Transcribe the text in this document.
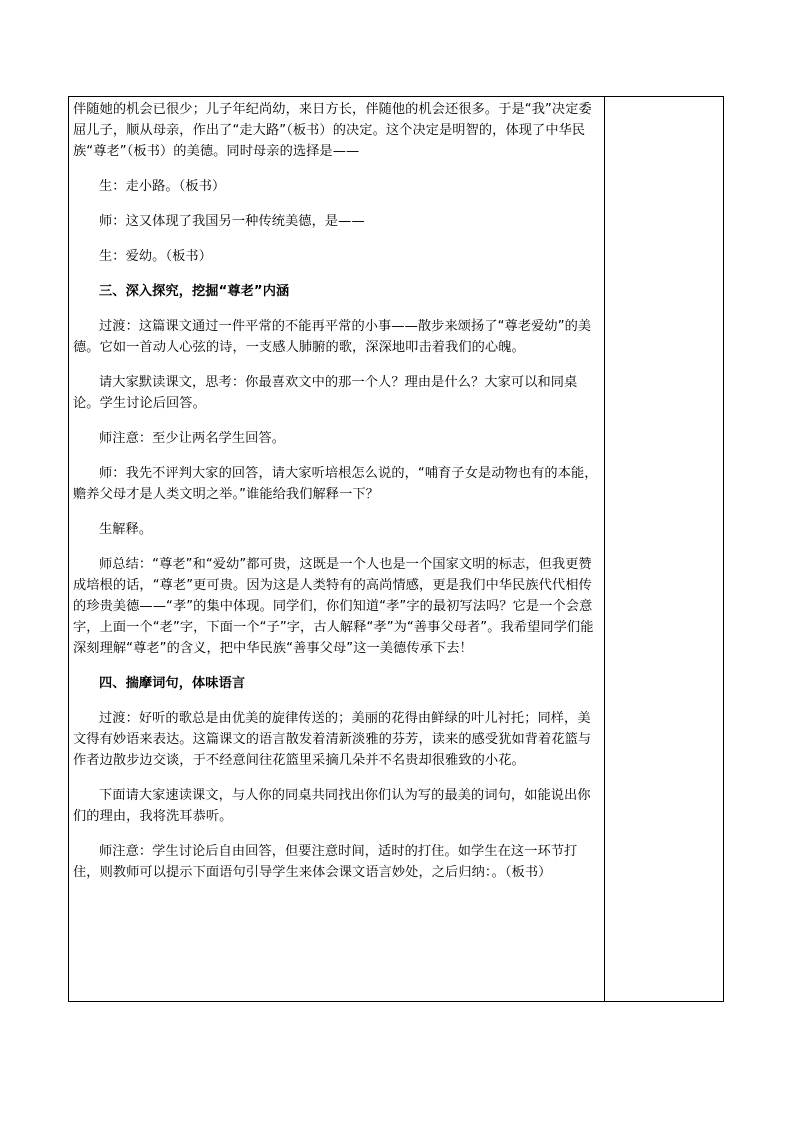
伴随她的机会已很少；儿子年纪尚幼，来日方长，伴随他的机会还很多。于是“我”决定委屈儿子，顺从母亲，作出了“走大路”（板书）的决定。这个决定是明智的，体现了中华民族“尊老”（板书）的美德。同时母亲的选择是——

生：走小路。（板书）

师：这又体现了我国另一种传统美德，是——

生：爱幼。（板书）

三、深入探究，挖掘“尊老”内涵

过渡：这篇课文通过一件平常的不能再平常的小事——散步来颂扬了“尊老爱幼”的美德。它如一首动人心弦的诗，一支感人肺腑的歌，深深地叩击着我们的心魄。

请大家默读课文，思考：你最喜欢文中的那一个人？理由是什么？大家可以和同桌论。学生讨论后回答。

师注意：至少让两名学生回答。

师：我先不评判大家的回答，请大家听培根怎么说的，“哺育子女是动物也有的本能，赡养父母才是人类文明之举。”谁能给我们解释一下？

生解释。

师总结：“尊老”和“爱幼”都可贵，这既是一个人也是一个国家文明的标志，但我更赞成培根的话，“尊老”更可贵。因为这是人类特有的高尚情感，更是我们中华民族代代相传的珍贵美德——“孝”的集中体现。同学们，你们知道“孝”字的最初写法吗？它是一个会意字，上面一个“老”字，下面一个“子”字，古人解释“孝”为“善事父母者”。我希望同学们能深刻理解“尊老”的含义，把中华民族“善事父母”这一美德传承下去！

四、揣摩词句，体味语言

过渡：好听的歌总是由优美的旋律传送的；美丽的花得由鲜绿的叶儿衬托；同样，美文得有妙语来表达。这篇课文的语言散发着清新淡雅的芬芳，读来的感受犹如背着花篮与作者边散步边交谈，于不经意间往花篮里采摘几朵并不名贵却很雅致的小花。

下面请大家速读课文，与人你的同桌共同找出你们认为写的最美的词句，如能说出你们的理由，我将洗耳恭听。

师注意：学生讨论后自由回答，但要注意时间，适时的打住。如学生在这一环节打住，则教师可以提示下面语句引导学生来体会课文语言妙处，之后归纳：。（板书）
